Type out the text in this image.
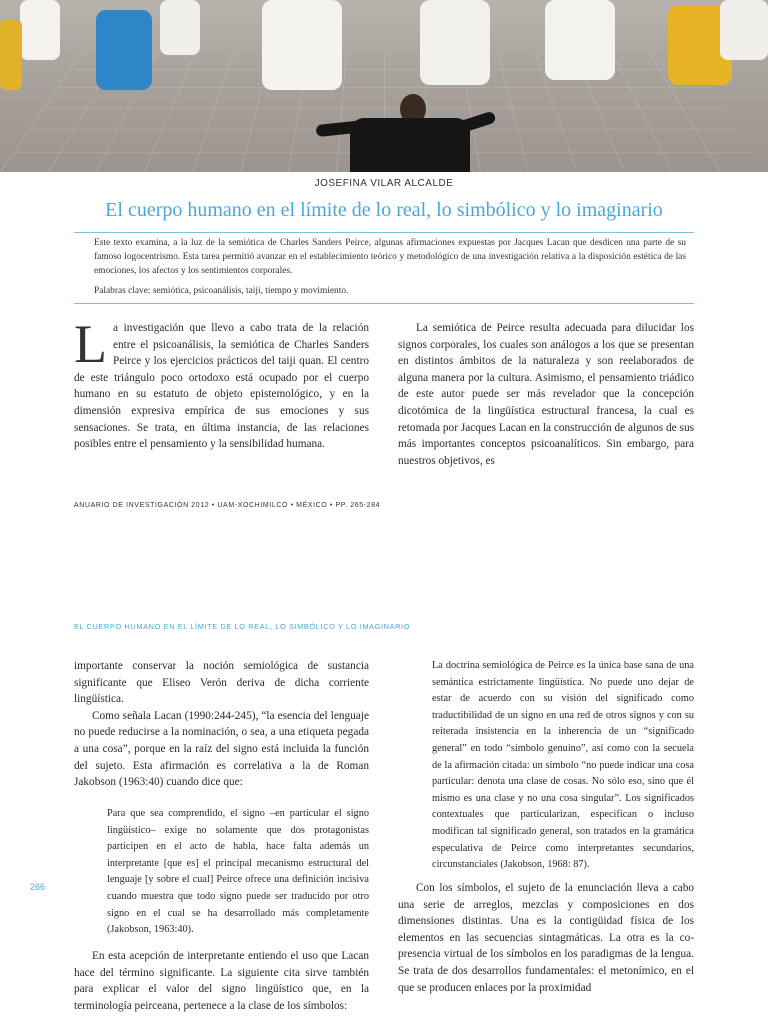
JOSEFINA VILAR ALCALDE
El cuerpo humano en el límite de lo real, lo simbólico y lo imaginario

Este texto examina, a la luz de la semiótica de Charles Sanders Peirce, algunas afirmaciones expuestas por Jacques Lacan que desdicen una parte de su famoso logocentrismo. Esta tarea permitió avanzar en el establecimiento teórico y metodológico de una investigación relativa a la disposición estética de las emociones, los afectos y los sentimientos corporales.

Palabras clave: semiótica, psicoanálisis, taiji, tiempo y movimiento.

L a investigación que llevo a cabo trata de la relación entre el psicoanálisis, la semiótica de Charles Sanders Peirce y los ejercicios prácticos del taiji quan. El centro de este triángulo poco ortodoxo está ocupado por el cuerpo humano en su estatuto de objeto epistemológico, y en la dimensión expresiva empírica de sus emociones y sus sensaciones. Se trata, en última instancia, de las relaciones posibles entre el pensamiento y la sensibilidad humana.

La semiótica de Peirce resulta adecuada para dilucidar los signos corporales, los cuales son análogos a los que se presentan en distintos ámbitos de la naturaleza y son reelaborados de alguna manera por la cultura. Asimismo, el pensamiento triádico de este autor puede ser más revelador que la concepción dicotómica de la lingüística estructural francesa, la cual es retomada por Jacques Lacan en la construcción de algunos de sus más importantes conceptos psicoanalíticos. Sin embargo, para nuestros objetivos, es

ANUARIO DE INVESTIGACIÓN 2012 • UAM-XOCHIMILCO • MÉXICO • PP. 265-284
EL CUERPO HUMANO EN EL LÍMITE DE LO REAL, LO SIMBÓLICO Y LO IMAGINARIO
266

importante conservar la noción semiológica de sustancia significante que Eliseo Verón deriva de dicha corriente lingüística.

Como señala Lacan (1990:244-245), “la esencia del lenguaje no puede reducirse a la nominación, o sea, a una etiqueta pegada a una cosa”, porque en la raíz del signo está incluida la función del sujeto. Esta afirmación es correlativa a la de Roman Jakobson (1963:40) cuando dice que:

Para que sea comprendido, el signo –en particular el signo lingüístico– exige no solamente que dos protagonistas participen en el acto de habla, hace falta además un interpretante [que es] el principal mecanismo estructural del lenguaje [y sobre el cual] Peirce ofrece una definición incisiva cuando muestra que todo signo puede ser traducido por otro signo en el cual se ha desarrollado más completamente (Jakobson, 1963:40).

En esta acepción de interpretante entiendo el uso que Lacan hace del término significante. La siguiente cita sirve también para explicar el valor del signo lingüístico que, en la terminología peirceana, pertenece a la clase de los símbolos:

La doctrina semiológica de Peirce es la única base sana de una semántica estrictamente lingüística. No puede uno dejar de estar de acuerdo con su visión del significado como traductibilidad de un signo en una red de otros signos y con su reiterada insistencia en la inherencia de un “significado general” en todo “símbolo genuino”, así como con la secuela de la afirmación citada: un símbolo “no puede indicar una cosa particular: denota una clase de cosas. No sólo eso, sino que él mismo es una clase y no una cosa singular”. Los significados contextuales que particularizan, especifican o incluso modifican tal significado general, son tratados en la gramática especulativa de Peirce como interpretantes secundarios, circunstanciales (Jakobson, 1968: 87).

Con los símbolos, el sujeto de la enunciación lleva a cabo una serie de arreglos, mezclas y composiciones en dos dimensiones distintas. Una es la contigüidad física de los elementos en las secuencias sintagmáticas. La otra es la co-presencia virtual de los símbolos en los paradigmas de la lengua. Se trata de dos desarrollos fundamentales: el metonímico, en el que se producen enlaces por la proximidad
